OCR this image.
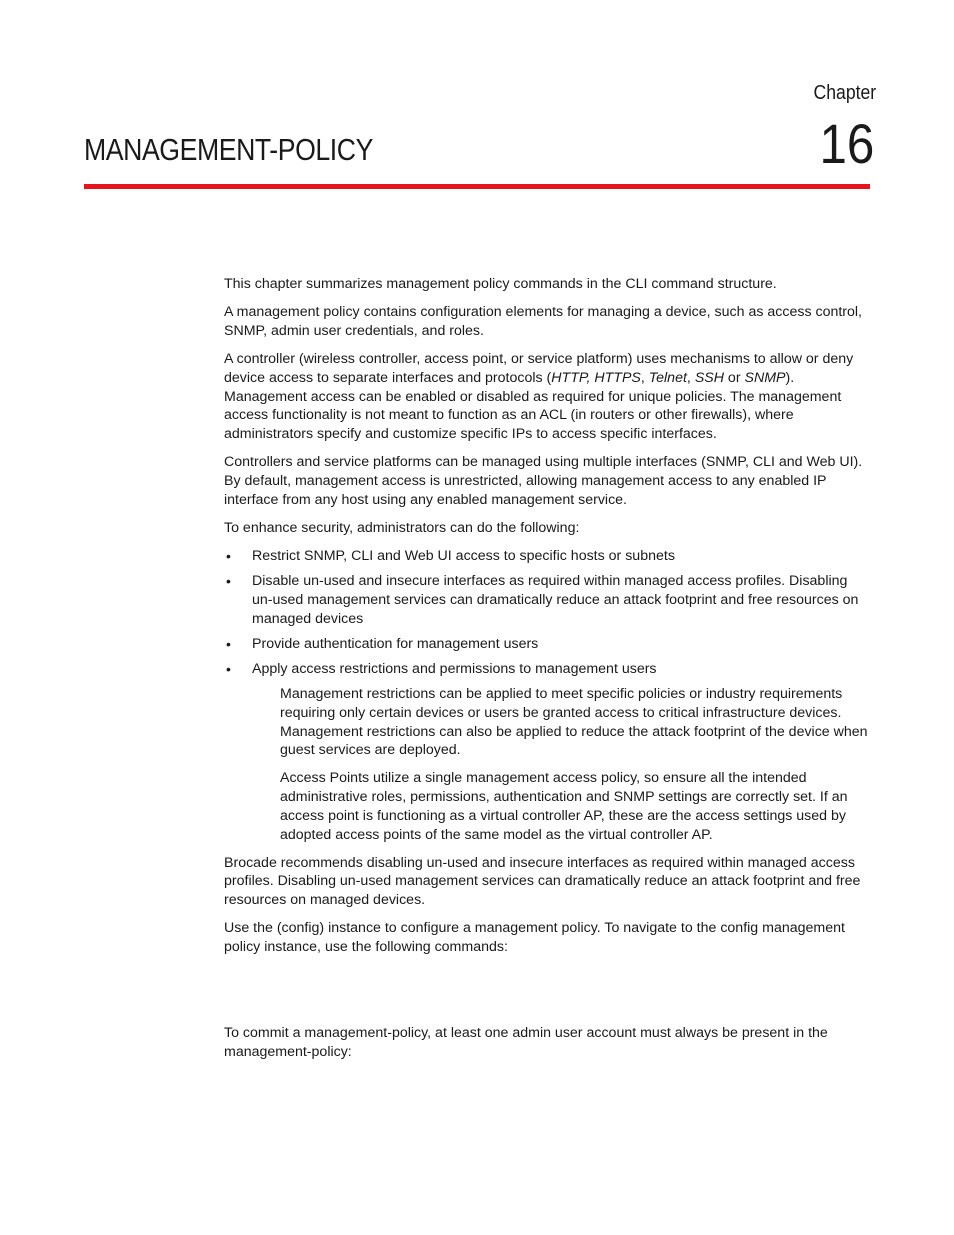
Chapter
16
MANAGEMENT-POLICY

This chapter summarizes management policy commands in the CLI command structure.

A management policy contains configuration elements for managing a device, such as access control, SNMP, admin user credentials, and roles.

A controller (wireless controller, access point, or service platform) uses mechanisms to allow or deny device access to separate interfaces and protocols (HTTP, HTTPS, Telnet, SSH or SNMP). Management access can be enabled or disabled as required for unique policies. The management access functionality is not meant to function as an ACL (in routers or other firewalls), where administrators specify and customize specific IPs to access specific interfaces.

Controllers and service platforms can be managed using multiple interfaces (SNMP, CLI and Web UI). By default, management access is unrestricted, allowing management access to any enabled IP interface from any host using any enabled management service.

To enhance security, administrators can do the following:

• Restrict SNMP, CLI and Web UI access to specific hosts or subnets
• Disable un-used and insecure interfaces as required within managed access profiles. Disabling un-used management services can dramatically reduce an attack footprint and free resources on managed devices
• Provide authentication for management users
• Apply access restrictions and permissions to management users

Management restrictions can be applied to meet specific policies or industry requirements requiring only certain devices or users be granted access to critical infrastructure devices. Management restrictions can also be applied to reduce the attack footprint of the device when guest services are deployed.

Access Points utilize a single management access policy, so ensure all the intended administrative roles, permissions, authentication and SNMP settings are correctly set. If an access point is functioning as a virtual controller AP, these are the access settings used by adopted access points of the same model as the virtual controller AP.

Brocade recommends disabling un-used and insecure interfaces as required within managed access profiles. Disabling un-used management services can dramatically reduce an attack footprint and free resources on managed devices.

Use the (config) instance to configure a management policy. To navigate to the config management policy instance, use the following commands:

To commit a management-policy, at least one admin user account must always be present in the management-policy:
